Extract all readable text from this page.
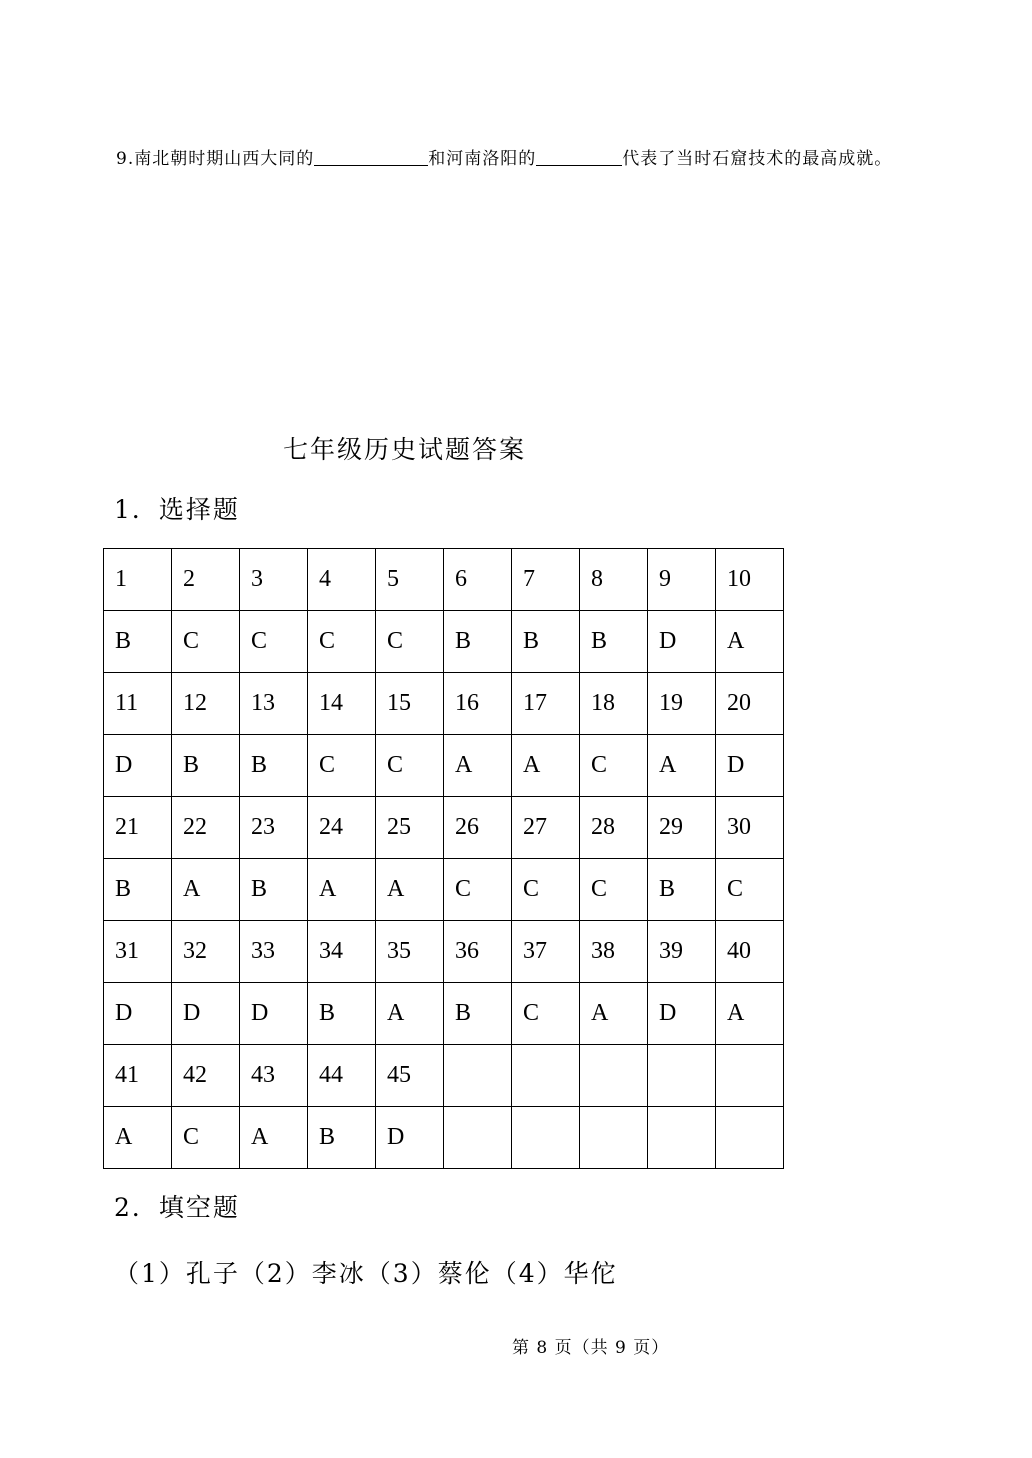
9.南北朝时期山西大同的	和河南洛阳的	代表了当时石窟技术的最高成就。
七年级历史试题答案
1．选择题
1	2	3	4	5	6	7	8	9	10
B	C	C	C	C	B	B	B	D	A
11	12	13	14	15	16	17	18	19	20
D	B	B	C	C	A	A	C	A	D
21	22	23	24	25	26	27	28	29	30
B	A	B	A	A	C	C	C	B	C
31	32	33	34	35	36	37	38	39	40
D	D	D	B	A	B	C	A	D	A
41	42	43	44	45					
A	C	A	B	D					
2．填空题
（1）孔子（2）李冰（3）蔡伦（4）华佗
第 8 页（共 9 页）
